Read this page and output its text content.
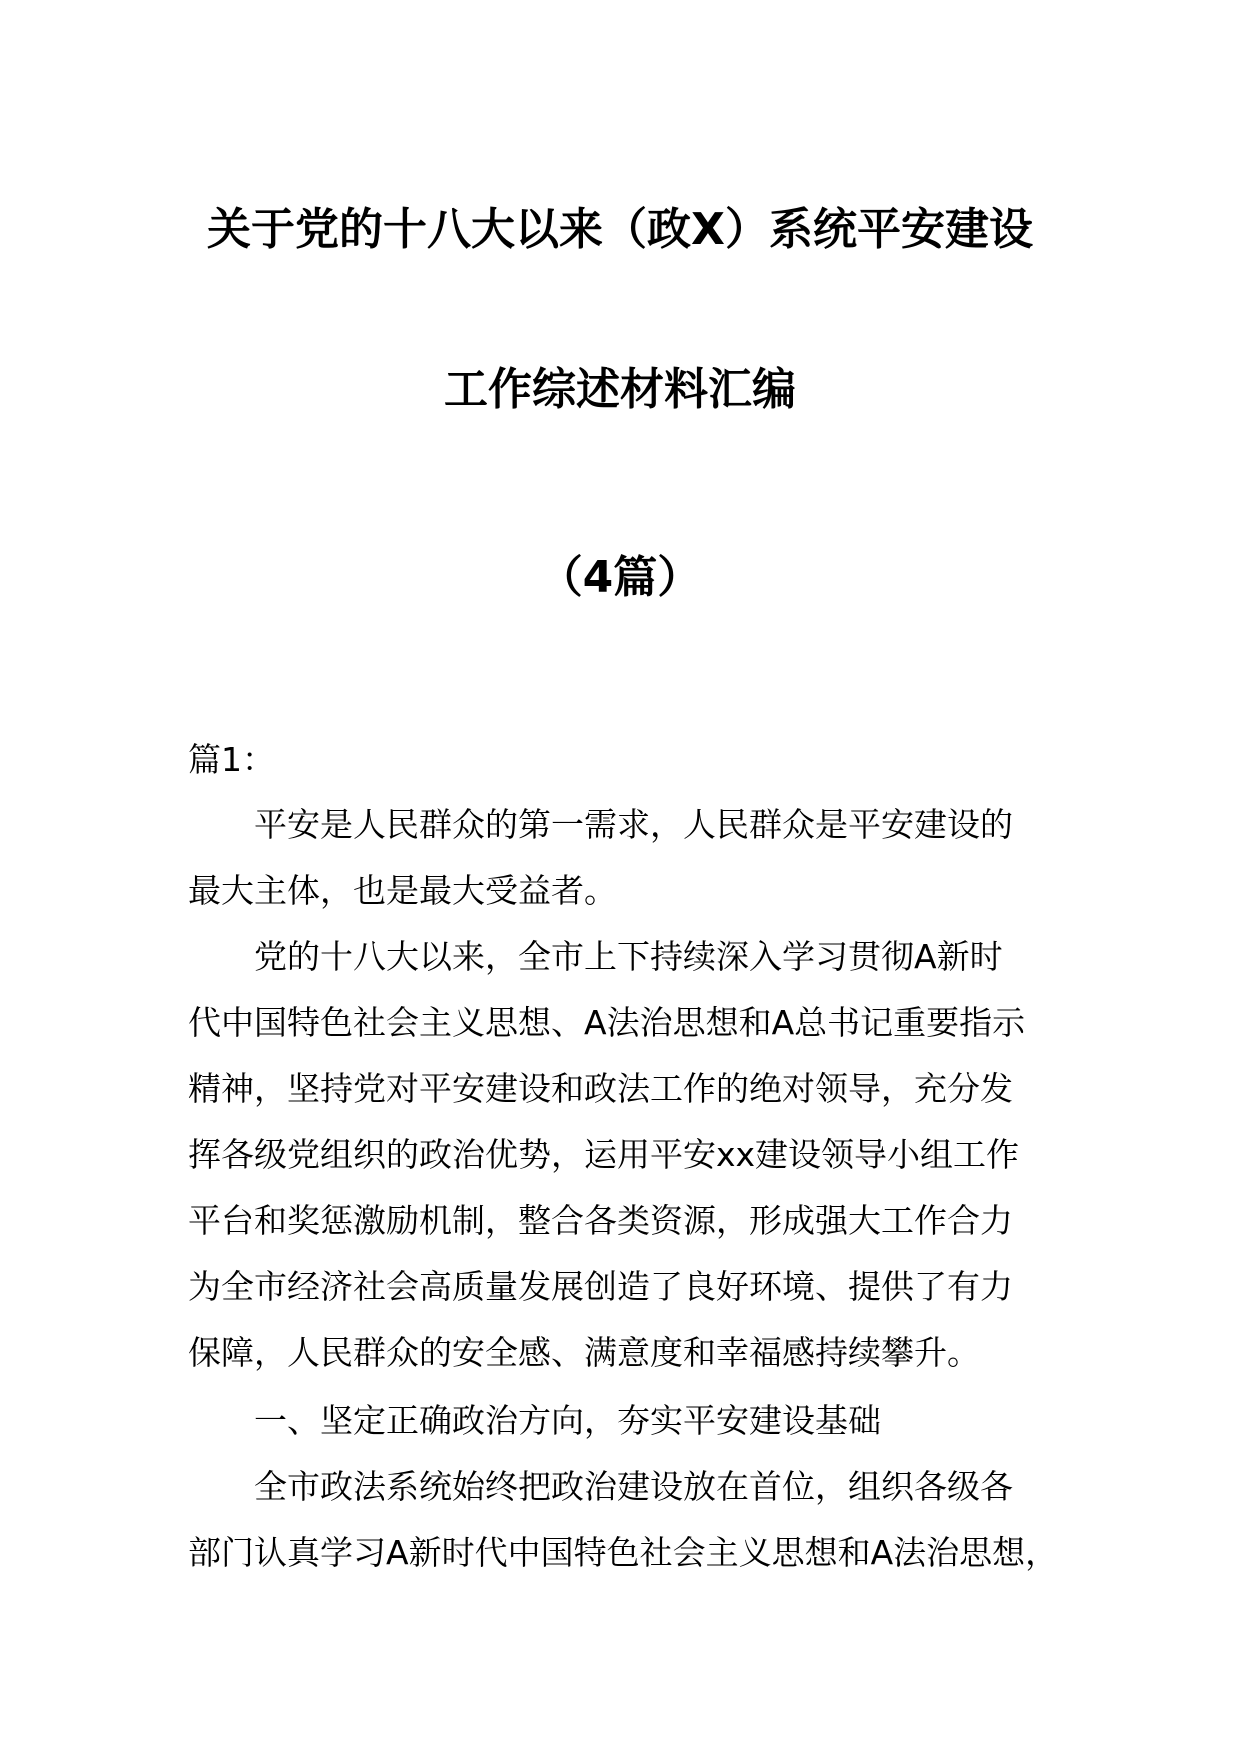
关于党的十八大以来（政X）系统平安建设
工作综述材料汇编
（4篇）
篇1：
平安是人民群众的第一需求，人民群众是平安建设的
最大主体，也是最大受益者。
党的十八大以来，全市上下持续深入学习贯彻A新时
代中国特色社会主义思想、A法治思想和A总书记重要指示
精神，坚持党对平安建设和政法工作的绝对领导，充分发
挥各级党组织的政治优势，运用平安xx建设领导小组工作
平台和奖惩激励机制，整合各类资源，形成强大工作合力
为全市经济社会高质量发展创造了良好环境、提供了有力
保障，人民群众的安全感、满意度和幸福感持续攀升。
一、坚定正确政治方向，夯实平安建设基础
全市政法系统始终把政治建设放在首位，组织各级各
部门认真学习A新时代中国特色社会主义思想和A法治思想，
